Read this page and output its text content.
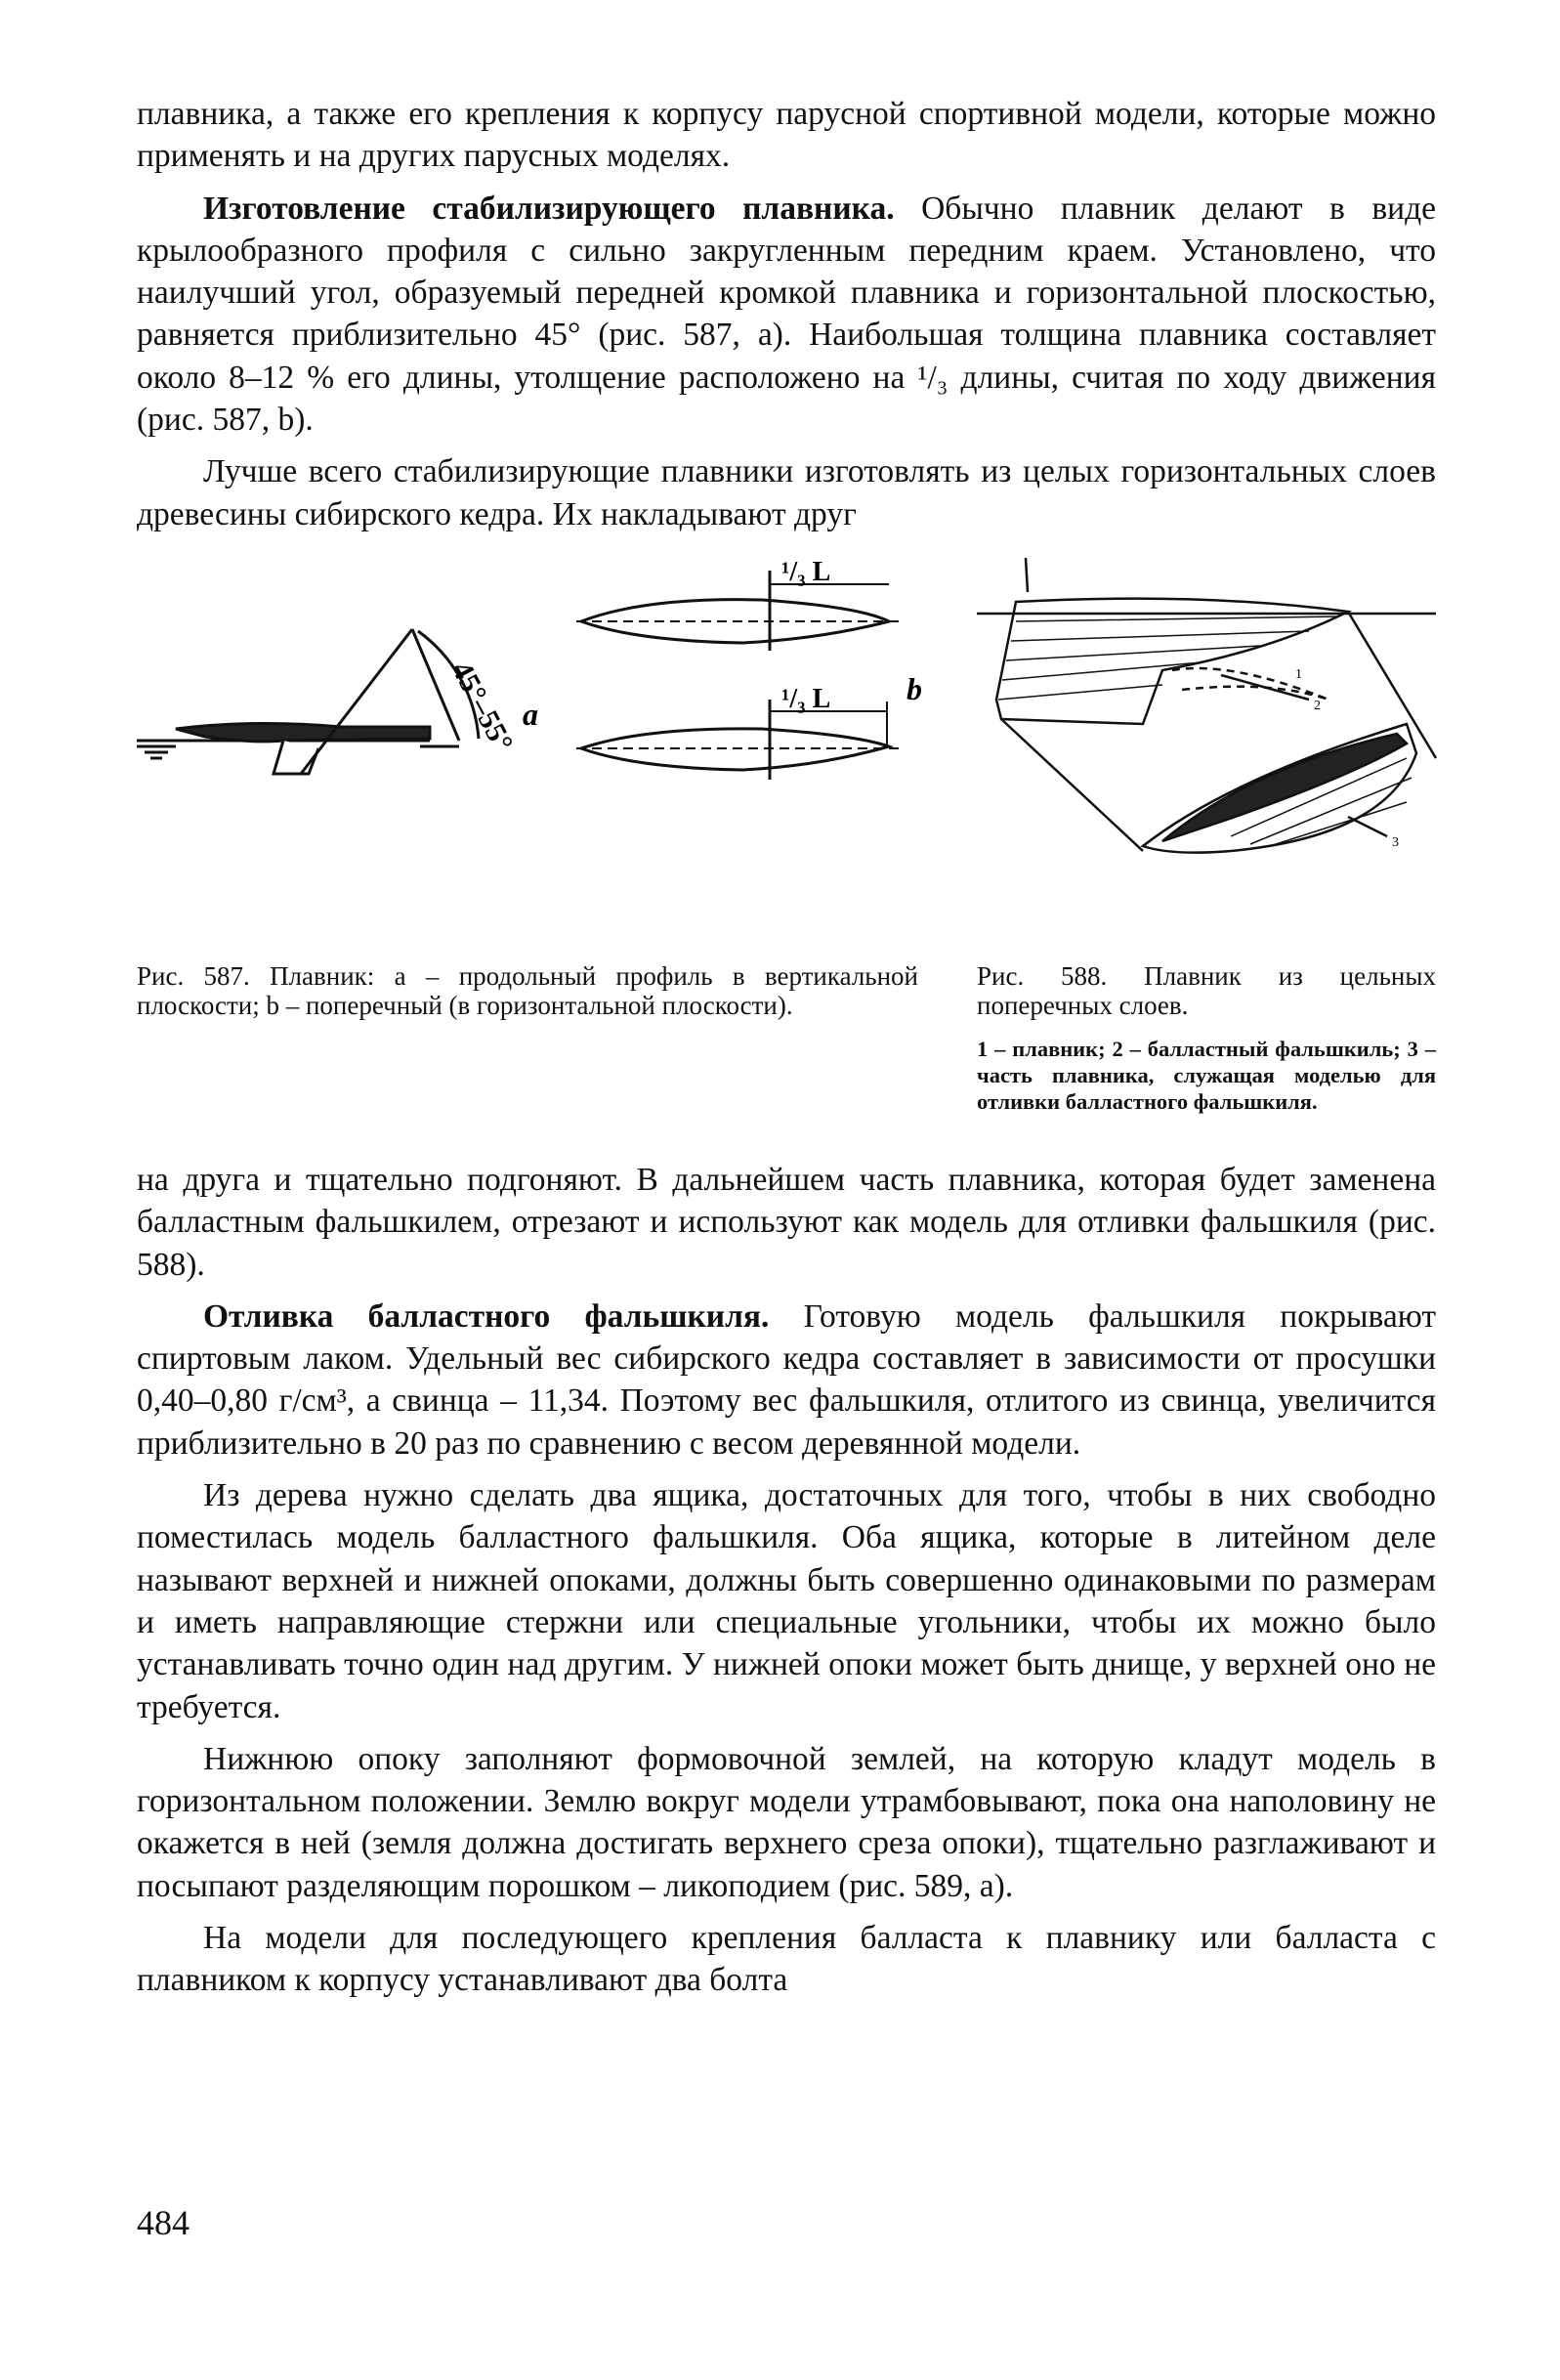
плавника, а также его крепления к корпусу парусной спортивной модели, которые можно применять и на других парусных моделях.

Изготовление стабилизирующего плавника. Обычно плавник делают в виде крылообразного профиля с сильно закругленным передним краем. Установлено, что наилучший угол, образуемый передней кромкой плавника и горизонтальной плоскостью, равняется приблизительно 45° (рис. 587, а). Наибольшая толщина плавника составляет около 8–12 % его длины, утолщение расположено на ¹/₃ длины, считая по ходу движения (рис. 587, b).

Лучше всего стабилизирующие плавники изготовлять из целых горизонтальных слоев древесины сибирского кедра. Их накладывают друг

45°–55° a
¹/₃ L
¹/₃ L b	1
2
3
Рис. 587. Плавник: а – продольный профиль в вертикальной плоскости; b – поперечный (в горизонтальной плоскости).
Рис. 588. Плавник из цельных поперечных слоев.
1 – плавник; 2 – балластный фальшкиль; 3 – часть плавника, служащая моделью для отливки балластного фальшкиля.

на друга и тщательно подгоняют. В дальнейшем часть плавника, которая будет заменена балластным фальшкилем, отрезают и используют как модель для отливки фальшкиля (рис. 588).

Отливка балластного фальшкиля. Готовую модель фальшкиля покрывают спиртовым лаком. Удельный вес сибирского кедра составляет в зависимости от просушки 0,40–0,80 г/см³, а свинца – 11,34. Поэтому вес фальшкиля, отлитого из свинца, увеличится приблизительно в 20 раз по сравнению с весом деревянной модели.

Из дерева нужно сделать два ящика, достаточных для того, чтобы в них свободно поместилась модель балластного фальшкиля. Оба ящика, которые в литейном деле называют верхней и нижней опоками, должны быть совершенно одинаковыми по размерам и иметь направляющие стержни или специальные угольники, чтобы их можно было устанавливать точно один над другим. У нижней опоки может быть днище, у верхней оно не требуется.

Нижнюю опоку заполняют формовочной землей, на которую кладут модель в горизонтальном положении. Землю вокруг модели утрамбовывают, пока она наполовину не окажется в ней (земля должна достигать верхнего среза опоки), тщательно разглаживают и посыпают разделяющим порошком – ликоподием (рис. 589, а).

На модели для последующего крепления балласта к плавнику или балласта с плавником к корпусу устанавливают два болта

484
